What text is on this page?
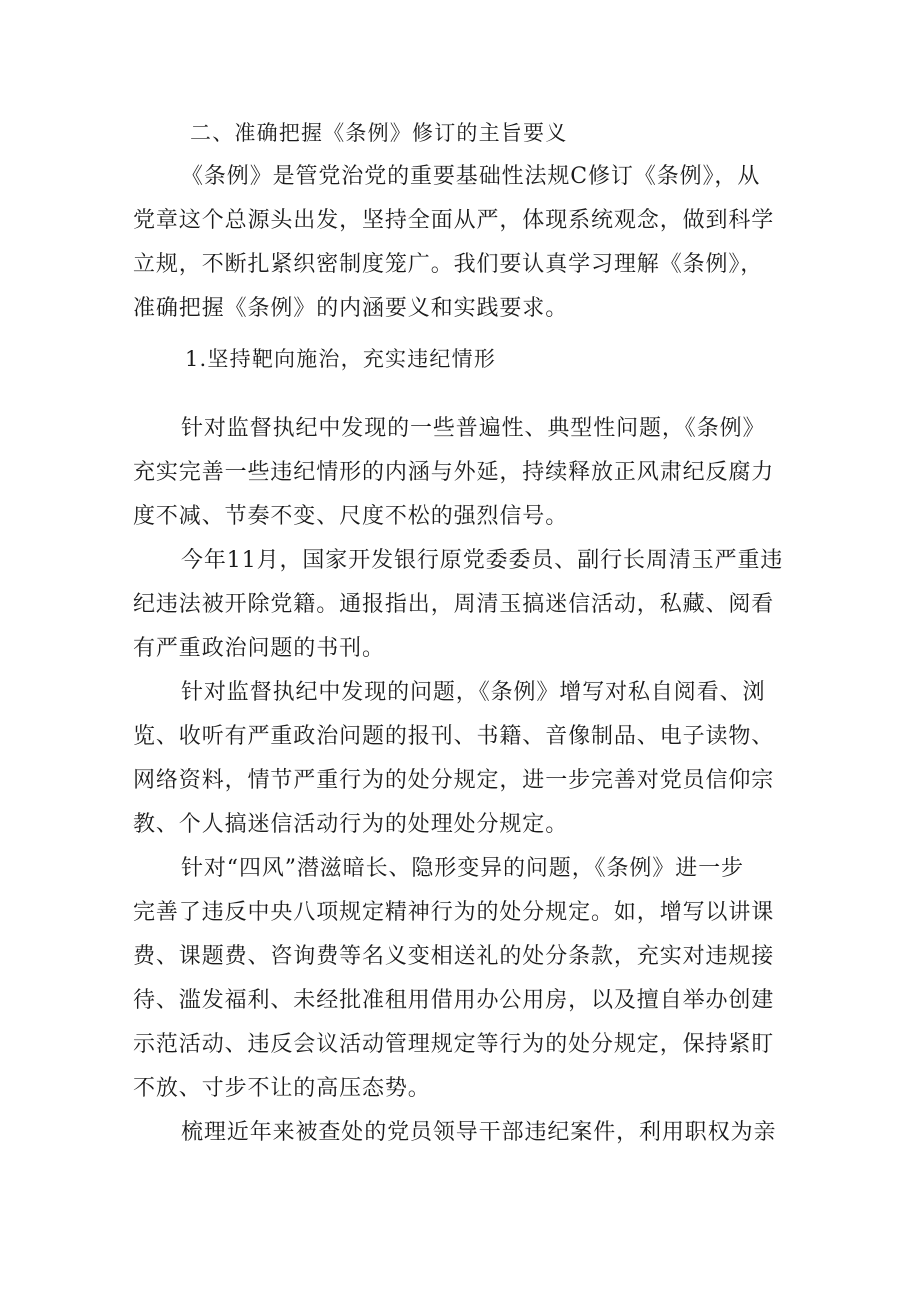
二、准确把握《条例》修订的主旨要义
《条例》是管党治党的重要基础性法规C修订《条例》，从
党章这个总源头出发，坚持全面从严，体现系统观念，做到科学
立规，不断扎紧织密制度笼广。我们要认真学习理解《条例》，
准确把握《条例》的内涵要义和实践要求。
1.坚持靶向施治，充实违纪情形
针对监督执纪中发现的一些普遍性、典型性问题，《条例》
充实完善一些违纪情形的内涵与外延，持续释放正风肃纪反腐力
度不减、节奏不变、尺度不松的强烈信号。
今年11月，国家开发银行原党委委员、副行长周清玉严重违
纪违法被开除党籍。通报指出，周清玉搞迷信活动，私藏、阅看
有严重政治问题的书刊。
针对监督执纪中发现的问题，《条例》增写对私自阅看、浏
览、收听有严重政治问题的报刊、书籍、音像制品、电子读物、
网络资料，情节严重行为的处分规定，进一步完善对党员信仰宗
教、个人搞迷信活动行为的处理处分规定。
针对“四风”潜滋暗长、隐形变异的问题，《条例》进一步
完善了违反中央八项规定精神行为的处分规定。如，增写以讲课
费、课题费、咨询费等名义变相送礼的处分条款，充实对违规接
待、滥发福利、未经批准租用借用办公用房，以及擅自举办创建
示范活动、违反会议活动管理规定等行为的处分规定，保持紧盯
不放、寸步不让的高压态势。
梳理近年来被查处的党员领导干部违纪案件，利用职权为亲
